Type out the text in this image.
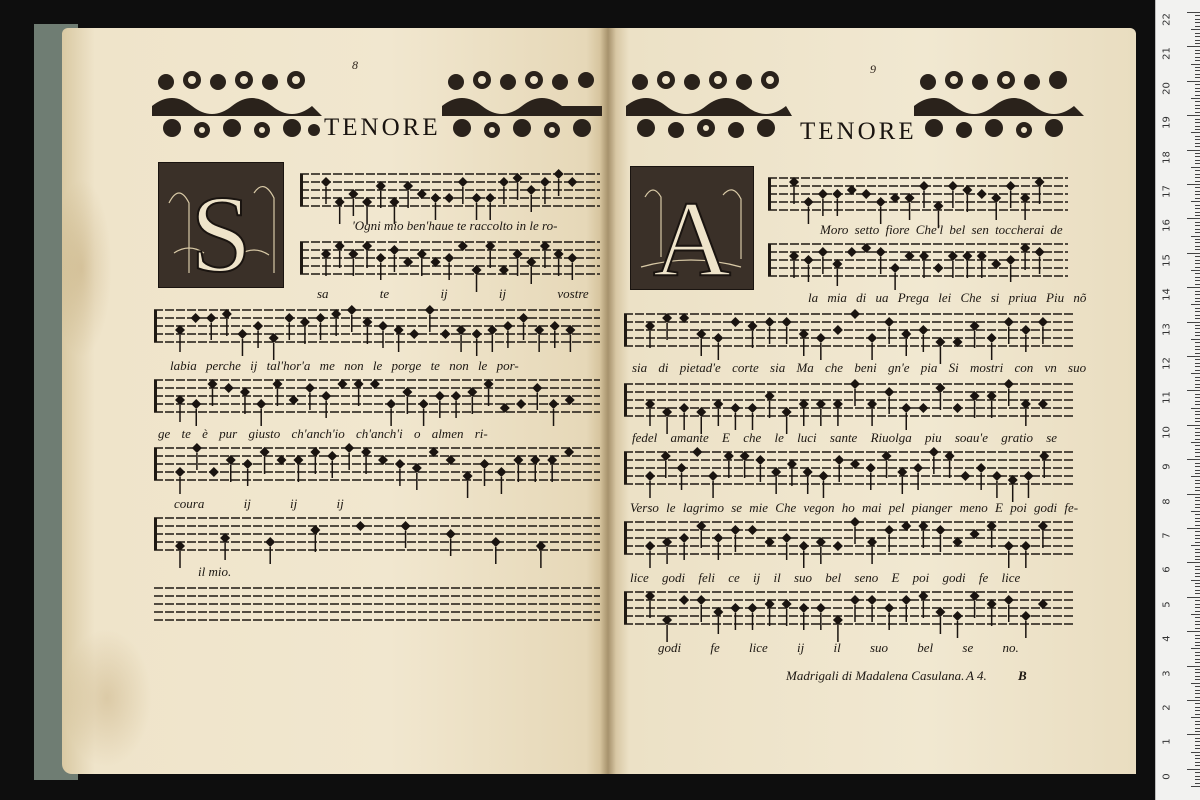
8
TENORE
S	'Ogni mio ben'haue te raccolto in le ro-
sa te ij ij vostre
labia perche ij tal'hor'a me non le porge te non le por-
ge te è pur giusto ch'anch'io ch'anch'i o almen ri-
coura ij ij ij
il mio.
9
TENORE
A	Moro setto fiore Che'l bel sen toccherai de
la mia di ua Prega lei Che si priua Piu nõ
sia di pietad'e corte sia Ma che beni gn'e pia Si mostri con vn suo
fedel amante E che le luci sante Riuolga piu soau'e gratio se
Verso le lagrimo se mie Che vegon ho mai pel pianger meno E poi godi fe-
lice godi feli ce ij il suo bel seno E poi godi fe lice
godi fe lice ij il suo bel se no.
Madrigali di Madalena Casulana. A 4. B
22
21
20
19
18
17
16
15
14
13
12
11
10
9
8
7
6
5
4
3
2
1
0
